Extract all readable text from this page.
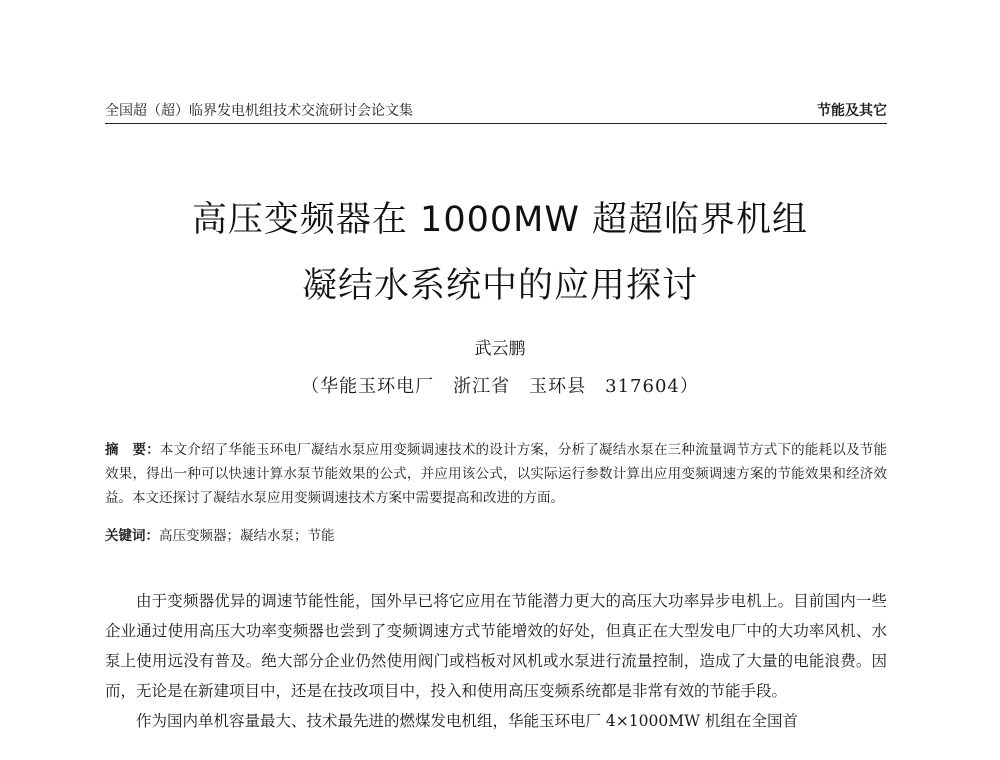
全国超（超）临界发电机组技术交流研讨会论文集	节能及其它
高压变频器在 1000MW 超超临界机组
凝结水系统中的应用探讨
武云鹏
（华能玉环电厂　浙江省　玉环县　317604）
摘　要：本文介绍了华能玉环电厂凝结水泵应用变频调速技术的设计方案，分析了凝结水泵在三种流量调节方式下的能耗以及节能效果，得出一种可以快速计算水泵节能效果的公式，并应用该公式，以实际运行参数计算出应用变频调速方案的节能效果和经济效益。本文还探讨了凝结水泵应用变频调速技术方案中需要提高和改进的方面。
关键词：高压变频器；凝结水泵；节能

由于变频器优异的调速节能性能，国外早已将它应用在节能潜力更大的高压大功率异步电机上。目前国内一些企业通过使用高压大功率变频器也尝到了变频调速方式节能增效的好处，但真正在大型发电厂中的大功率风机、水泵上使用远没有普及。绝大部分企业仍然使用阀门或档板对风机或水泵进行流量控制，造成了大量的电能浪费。因而，无论是在新建项目中，还是在技改项目中，投入和使用高压变频系统都是非常有效的节能手段。

作为国内单机容量最大、技术最先进的燃煤发电机组，华能玉环电厂 4×1000MW 机组在全国首
